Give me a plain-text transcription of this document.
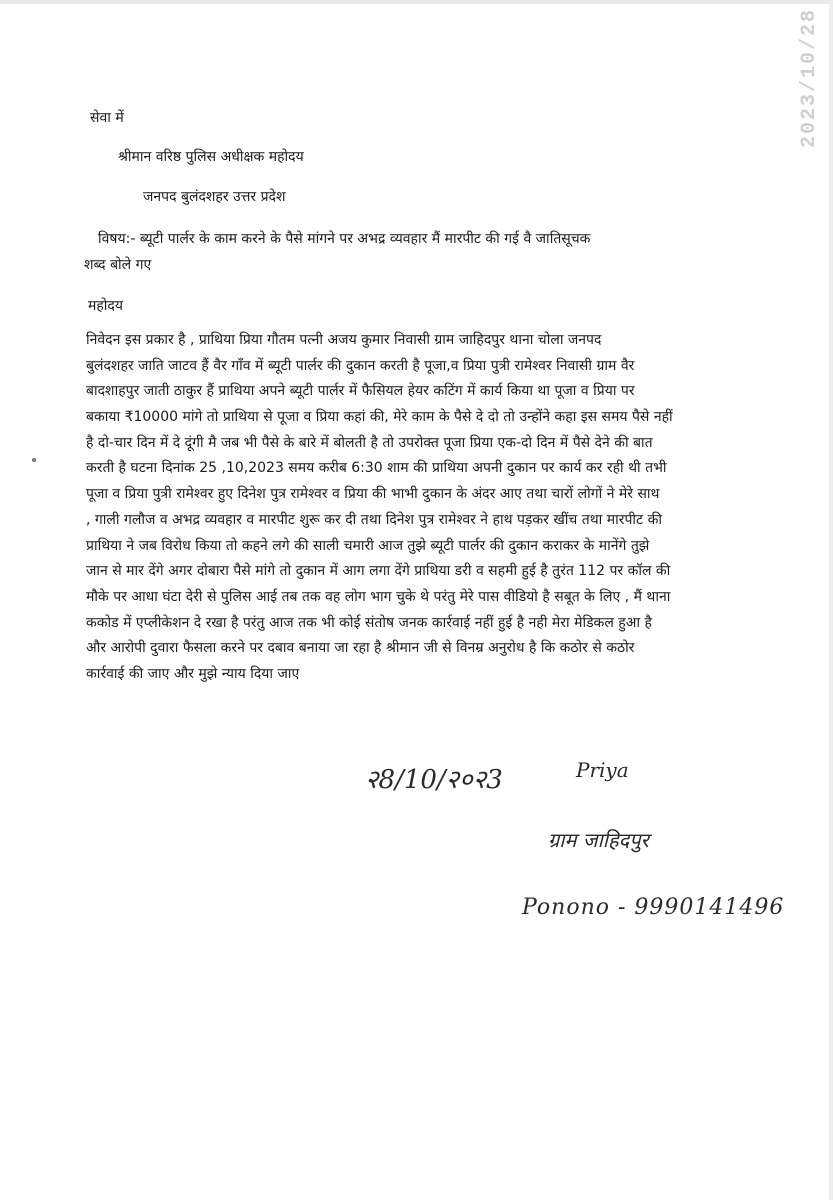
2023/10/28
सेवा में
श्रीमान वरिष्ठ पुलिस अधीक्षक महोदय
जनपद बुलंदशहर उत्तर प्रदेश
विषय:- ब्यूटी पार्लर के काम करने के पैसे मांगने पर अभद्र व्यवहार मैं मारपीट की गई वै जातिसूचक
शब्द बोले गए
महोदय
निवेदन इस प्रकार है , प्राथिया प्रिया गौतम पत्नी अजय कुमार निवासी ग्राम जाहिदपुर थाना चोला जनपद
बुलंदशहर जाति जाटव हैं वैर गाँव में ब्यूटी पार्लर की दुकान करती है पूजा,व प्रिया पुत्री रामेश्वर निवासी ग्राम वैर
बादशाहपुर जाती ठाकुर हैं प्राथिया अपने ब्यूटी पार्लर में फैसियल हेयर कटिंग में कार्य किया था पूजा व प्रिया पर
बकाया ₹10000 मांगे तो प्राथिया से पूजा व प्रिया कहां की, मेरे काम के पैसे दे दो तो उन्होंने कहा इस समय पैसे नहीं
है दो-चार दिन में दे दूंगी मै जब भी पैसे के बारे में बोलती है तो उपरोक्त पूजा प्रिया एक-दो दिन में पैसे देने की बात
करती है घटना दिनांक 25 ,10,2023 समय करीब 6:30 शाम की प्राथिया अपनी दुकान पर कार्य कर रही थी तभी
पूजा व प्रिया पुत्री रामेश्वर हुए दिनेश पुत्र रामेश्वर व प्रिया की भाभी दुकान के अंदर आए तथा चारों लोगों ने मेरे साथ
, गाली गलौज व अभद्र व्यवहार व मारपीट शुरू कर दी तथा दिनेश पुत्र रामेश्वर ने हाथ पड़कर खींच तथा मारपीट की
प्राथिया ने जब विरोध किया तो कहने लगे की साली चमारी आज तुझे ब्यूटी पार्लर की दुकान कराकर के मानेंगे तुझे
जान से मार देंगे अगर दोबारा पैसे मांगे तो दुकान में आग लगा देंगे प्राथिया डरी व सहमी हुई है तुरंत 112 पर कॉल की
मौके पर आधा घंटा देरी से पुलिस आई तब तक वह लोग भाग चुके थे परंतु मेरे पास वीडियो है सबूत के लिए , मैं थाना
ककोड में एप्लीकेशन दे रखा है परंतु आज तक भी कोई संतोष जनक कार्रवाई नहीं हुई है नही मेरा मेडिकल हुआ है
और आरोपी दुवारा फैसला करने पर दबाव बनाया जा रहा है श्रीमान जी से विनम्र अनुरोध है कि कठोर से कठोर
कार्रवाई की जाए और मुझे न्याय दिया जाए
२8/10/२०२3	Priya
ग्राम जाहिदपुर
Ponono - 9990141496
